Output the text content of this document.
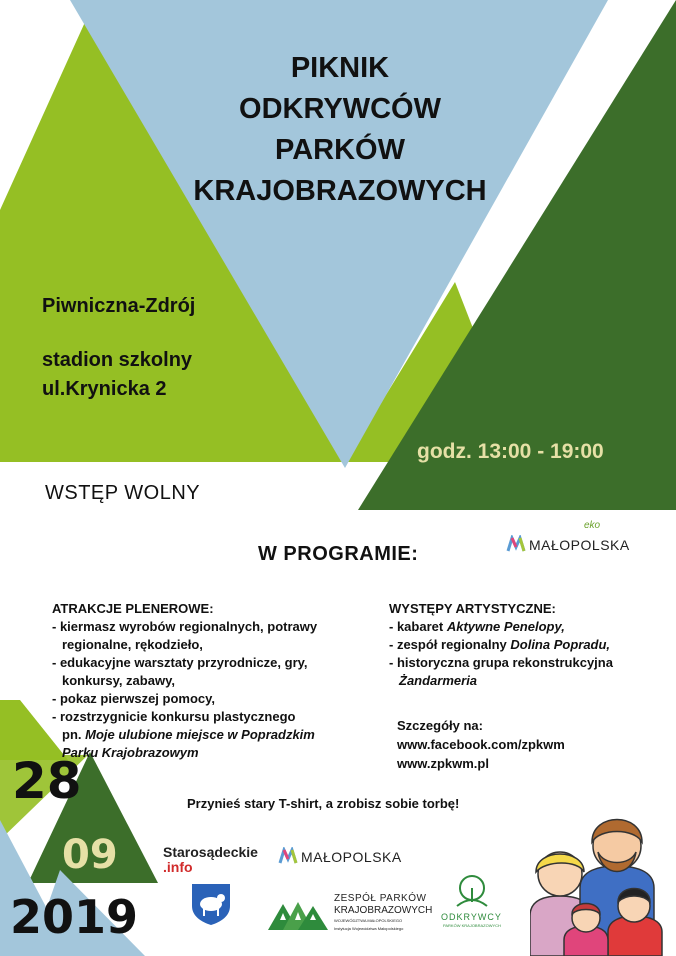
PIKNIK
ODKRYWCÓW
PARKÓW
KRAJOBRAZOWYCH
Piwniczna-Zdrój
stadion szkolny
ul.Krynicka 2
godz. 13:00 - 19:00
WSTĘP WOLNY
eko
MAŁOPOLSKA
W PROGRAMIE:
ATRAKCJE PLENEROWE:
- kiermasz wyrobów regionalnych, potrawy
regionalne, rękodzieło,
- edukacyjne warsztaty przyrodnicze, gry,
konkursy, zabawy,
- pokaz pierwszej pomocy,
- rozstrzygnicie konkursu plastycznego
pn. Moje ulubione miejsce w Popradzkim
Parku Krajobrazowym
WYSTĘPY ARTYSTYCZNE:
- kabaret Aktywne Penelopy,
- zespół regionalny Dolina Popradu,
- historyczna grupa rekonstrukcyjna
Żandarmeria
Szczegóły na:
www.facebook.com/zpkwm
www.zpkwm.pl
28
09
2019
Przynieś stary T-shirt, a zrobisz sobie torbę!
Starosądeckie
.info
MAŁOPOLSKA
ZESPÓŁ PARKÓW
KRAJOBRAZOWYCH
WOJEWÓDZTWA MAŁOPOLSKIEGO
Instytucja Województwa Małopolskiego
ODKRYWCY
PARKÓW KRAJOBRAZOWYCH
